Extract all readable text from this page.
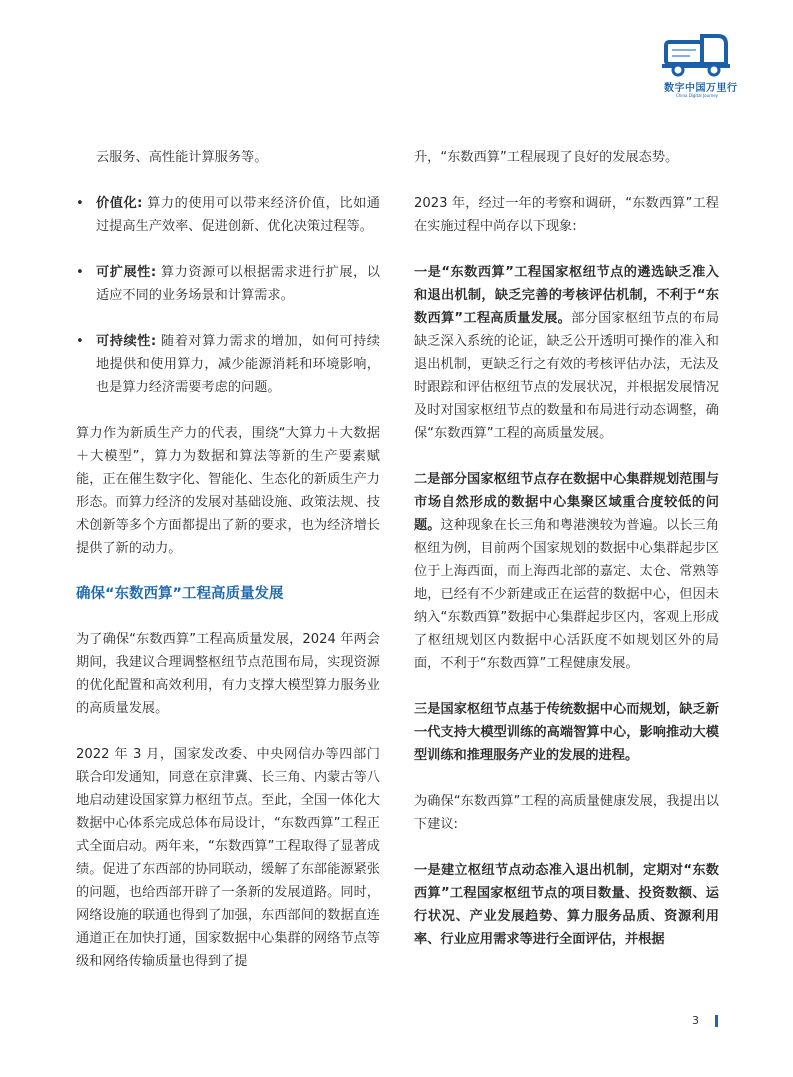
数字中国万里行
China Digital Journey

云服务、高性能计算服务等。

• 价值化: 算力的使用可以带来经济价值，比如通过提高生产效率、促进创新、优化决策过程等。
• 可扩展性: 算力资源可以根据需求进行扩展，以适应不同的业务场景和计算需求。
• 可持续性: 随着对算力需求的增加，如何可持续地提供和使用算力，减少能源消耗和环境影响，也是算力经济需要考虑的问题。

算力作为新质生产力的代表，围绕“大算力＋大数据＋大模型”，算力为数据和算法等新的生产要素赋能，正在催生数字化、智能化、生态化的新质生产力形态。而算力经济的发展对基础设施、政策法规、技术创新等多个方面都提出了新的要求，也为经济增长提供了新的动力。

确保“东数西算”工程高质量发展

为了确保“东数西算”工程高质量发展，2024 年两会期间，我建议合理调整枢纽节点范围布局，实现资源的优化配置和高效利用，有力支撑大模型算力服务业的高质量发展。

2022 年 3 月，国家发改委、中央网信办等四部门联合印发通知，同意在京津冀、长三角、内蒙古等八地启动建设国家算力枢纽节点。至此，全国一体化大数据中心体系完成总体布局设计，“东数西算”工程正式全面启动。两年来，“东数西算”工程取得了显著成绩。促进了东西部的协同联动，缓解了东部能源紧张的问题，也给西部开辟了一条新的发展道路。同时，网络设施的联通也得到了加强，东西部间的数据直连通道正在加快打通，国家数据中心集群的网络节点等级和网络传输质量也得到了提

升，“东数西算”工程展现了良好的发展态势。

2023 年，经过一年的考察和调研，“东数西算”工程在实施过程中尚存以下现象:

一是“东数西算”工程国家枢纽节点的遴选缺乏准入和退出机制，缺乏完善的考核评估机制，不利于“东数西算”工程高质量发展。部分国家枢纽节点的布局缺乏深入系统的论证，缺乏公开透明可操作的准入和退出机制，更缺乏行之有效的考核评估办法，无法及时跟踪和评估枢纽节点的发展状况，并根据发展情况及时对国家枢纽节点的数量和布局进行动态调整，确保“东数西算”工程的高质量发展。

二是部分国家枢纽节点存在数据中心集群规划范围与市场自然形成的数据中心集聚区域重合度较低的问题。这种现象在长三角和粤港澳较为普遍。以长三角枢纽为例，目前两个国家规划的数据中心集群起步区位于上海西面，而上海西北部的嘉定、太仓、常熟等地，已经有不少新建或正在运营的数据中心，但因未纳入“东数西算”数据中心集群起步区内，客观上形成了枢纽规划区内数据中心活跃度不如规划区外的局面，不利于“东数西算”工程健康发展。

三是国家枢纽节点基于传统数据中心而规划，缺乏新一代支持大模型训练的高端智算中心，影响推动大模型训练和推理服务产业的发展的进程。

为确保“东数西算”工程的高质量健康发展，我提出以下建议:

一是建立枢纽节点动态准入退出机制，定期对“东数西算”工程国家枢纽节点的项目数量、投资数额、运行状况、产业发展趋势、算力服务品质、资源利用率、行业应用需求等进行全面评估，并根据

3
